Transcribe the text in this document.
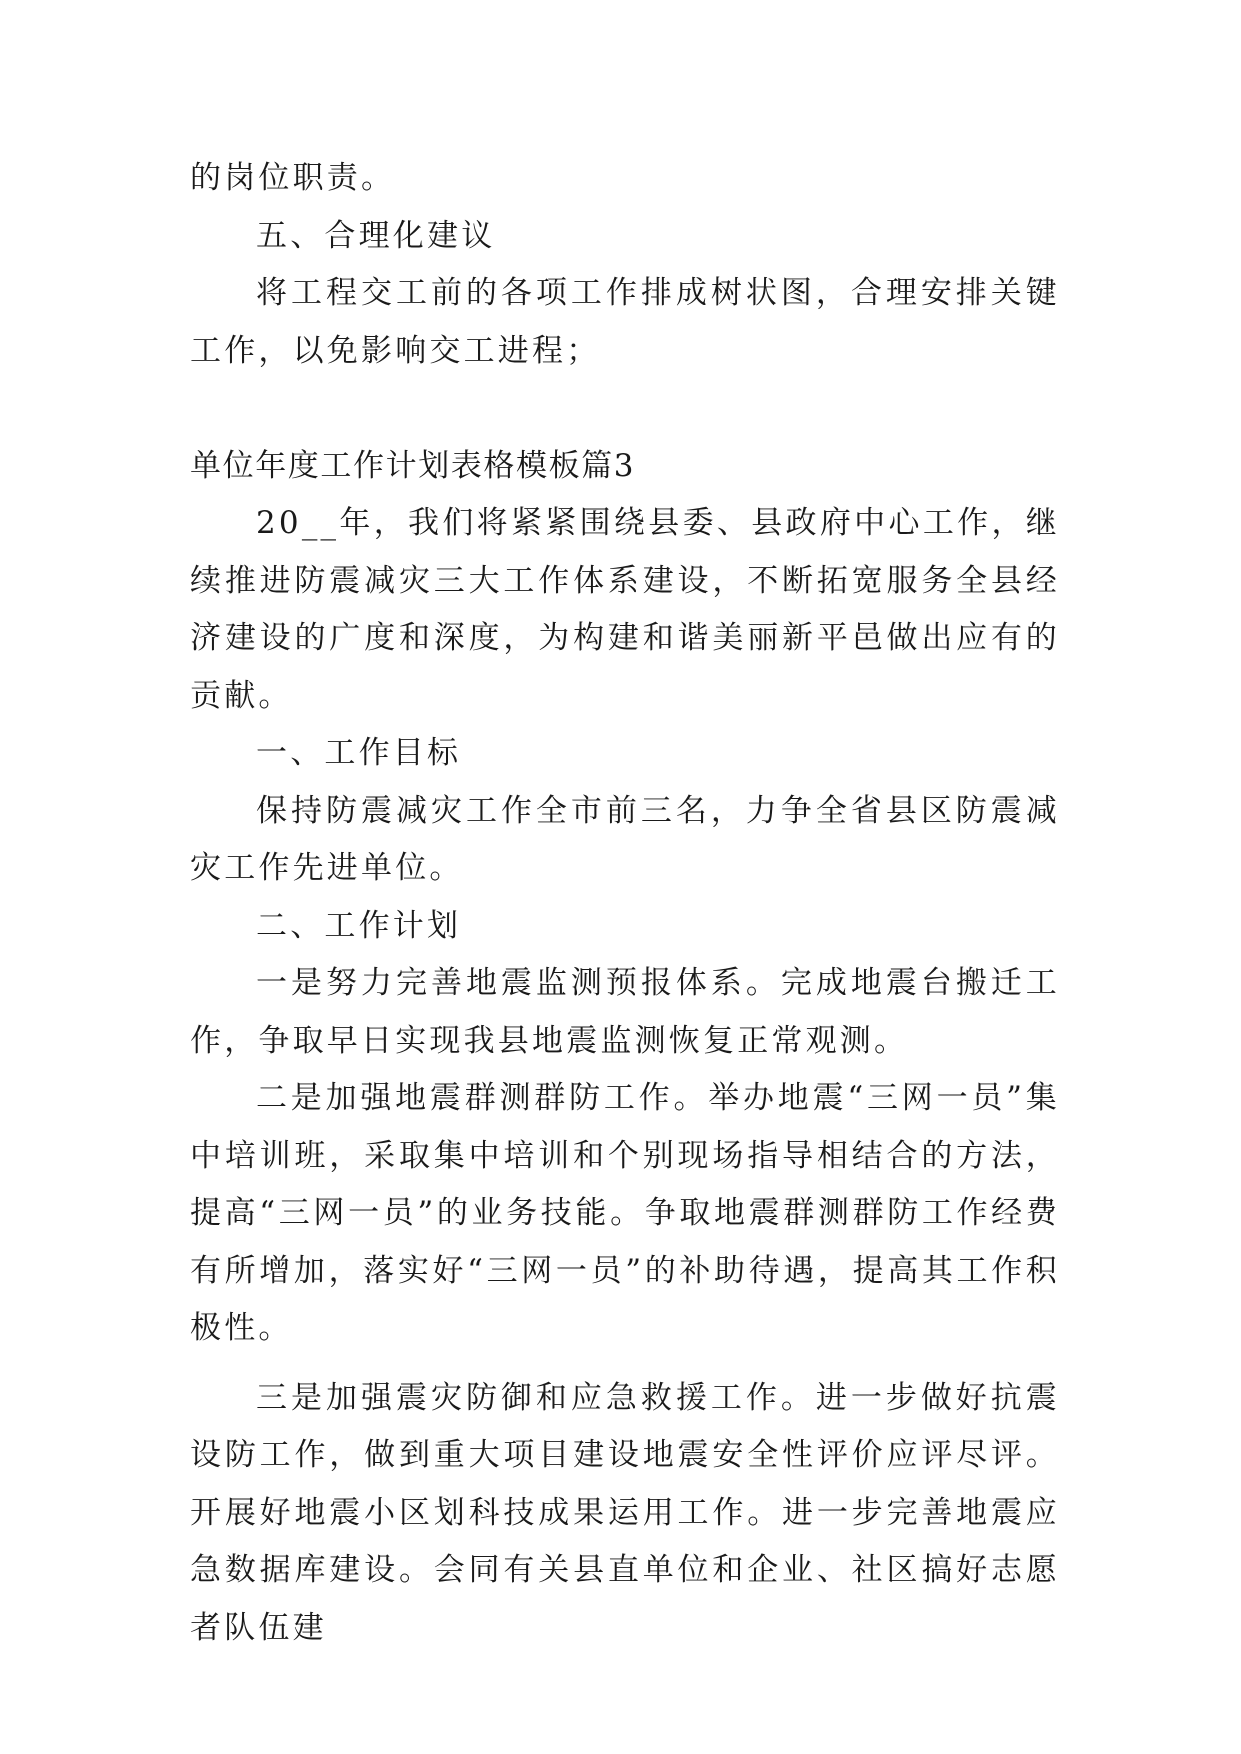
的岗位职责。

五、合理化建议

将工程交工前的各项工作排成树状图，合理安排关键工作，以免影响交工进程；

单位年度工作计划表格模板篇3

20__年，我们将紧紧围绕县委、县政府中心工作，继续推进防震减灾三大工作体系建设，不断拓宽服务全县经济建设的广度和深度，为构建和谐美丽新平邑做出应有的贡献。

一、工作目标

保持防震减灾工作全市前三名，力争全省县区防震减灾工作先进单位。

二、工作计划

一是努力完善地震监测预报体系。完成地震台搬迁工作，争取早日实现我县地震监测恢复正常观测。

二是加强地震群测群防工作。举办地震“三网一员”集中培训班，采取集中培训和个别现场指导相结合的方法，提高“三网一员”的业务技能。争取地震群测群防工作经费有所增加，落实好“三网一员”的补助待遇，提高其工作积极性。

三是加强震灾防御和应急救援工作。进一步做好抗震设防工作，做到重大项目建设地震安全性评价应评尽评。开展好地震小区划科技成果运用工作。进一步完善地震应急数据库建设。会同有关县直单位和企业、社区搞好志愿者队伍建
